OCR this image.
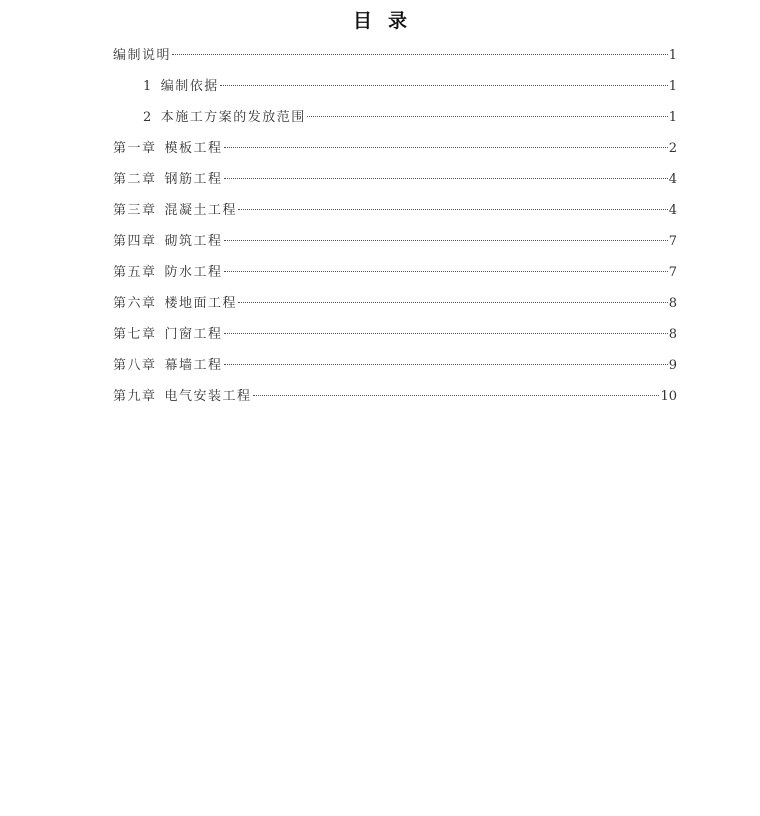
目 录
编制说明	1
1 编制依据	1
2 本施工方案的发放范围	1
第一章 模板工程	2
第二章 钢筋工程	4
第三章 混凝土工程	4
第四章 砌筑工程	7
第五章 防水工程	7
第六章 楼地面工程	8
第七章 门窗工程	8
第八章 幕墙工程	9
第九章 电气安装工程	10
